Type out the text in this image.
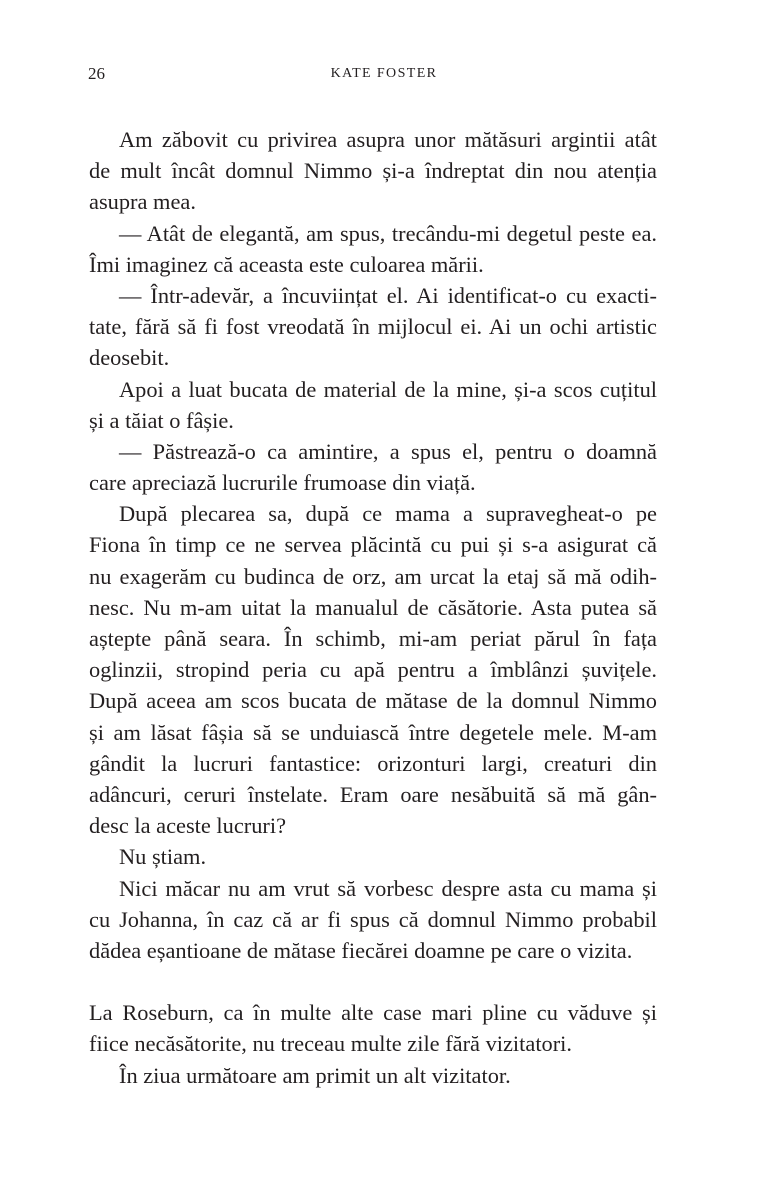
26	KATE FOSTER
Am zăbovit cu privirea asupra unor mătăsuri argintii atât
de mult încât domnul Nimmo și-a îndreptat din nou atenția
asupra mea.
— Atât de elegantă, am spus, trecându-mi degetul peste ea.
Îmi imaginez că aceasta este culoarea mării.
— Într-adevăr, a încuviințat el. Ai identificat-o cu exacti-
tate, fără să fi fost vreodată în mijlocul ei. Ai un ochi artistic
deosebit.
Apoi a luat bucata de material de la mine, și-a scos cuțitul
și a tăiat o fâșie.
— Păstrează-o ca amintire, a spus el, pentru o doamnă
care apreciază lucrurile frumoase din viață.
După plecarea sa, după ce mama a supravegheat-o pe
Fiona în timp ce ne servea plăcintă cu pui și s-a asigurat că
nu exagerăm cu budinca de orz, am urcat la etaj să mă odih-
nesc. Nu m-am uitat la manualul de căsătorie. Asta putea să
aștepte până seara. În schimb, mi-am periat părul în fața
oglinzii, stropind peria cu apă pentru a îmblânzi șuvițele.
După aceea am scos bucata de mătase de la domnul Nimmo
și am lăsat fâșia să se unduiască între degetele mele. M-am
gândit la lucruri fantastice: orizonturi largi, creaturi din
adâncuri, ceruri înstelate. Eram oare nesăbuită să mă gân-
desc la aceste lucruri?
Nu știam.
Nici măcar nu am vrut să vorbesc despre asta cu mama și
cu Johanna, în caz că ar fi spus că domnul Nimmo probabil
dădea eșantioane de mătase fiecărei doamne pe care o vizita.
La Roseburn, ca în multe alte case mari pline cu văduve și
fiice necăsătorite, nu treceau multe zile fără vizitatori.
În ziua următoare am primit un alt vizitator.
